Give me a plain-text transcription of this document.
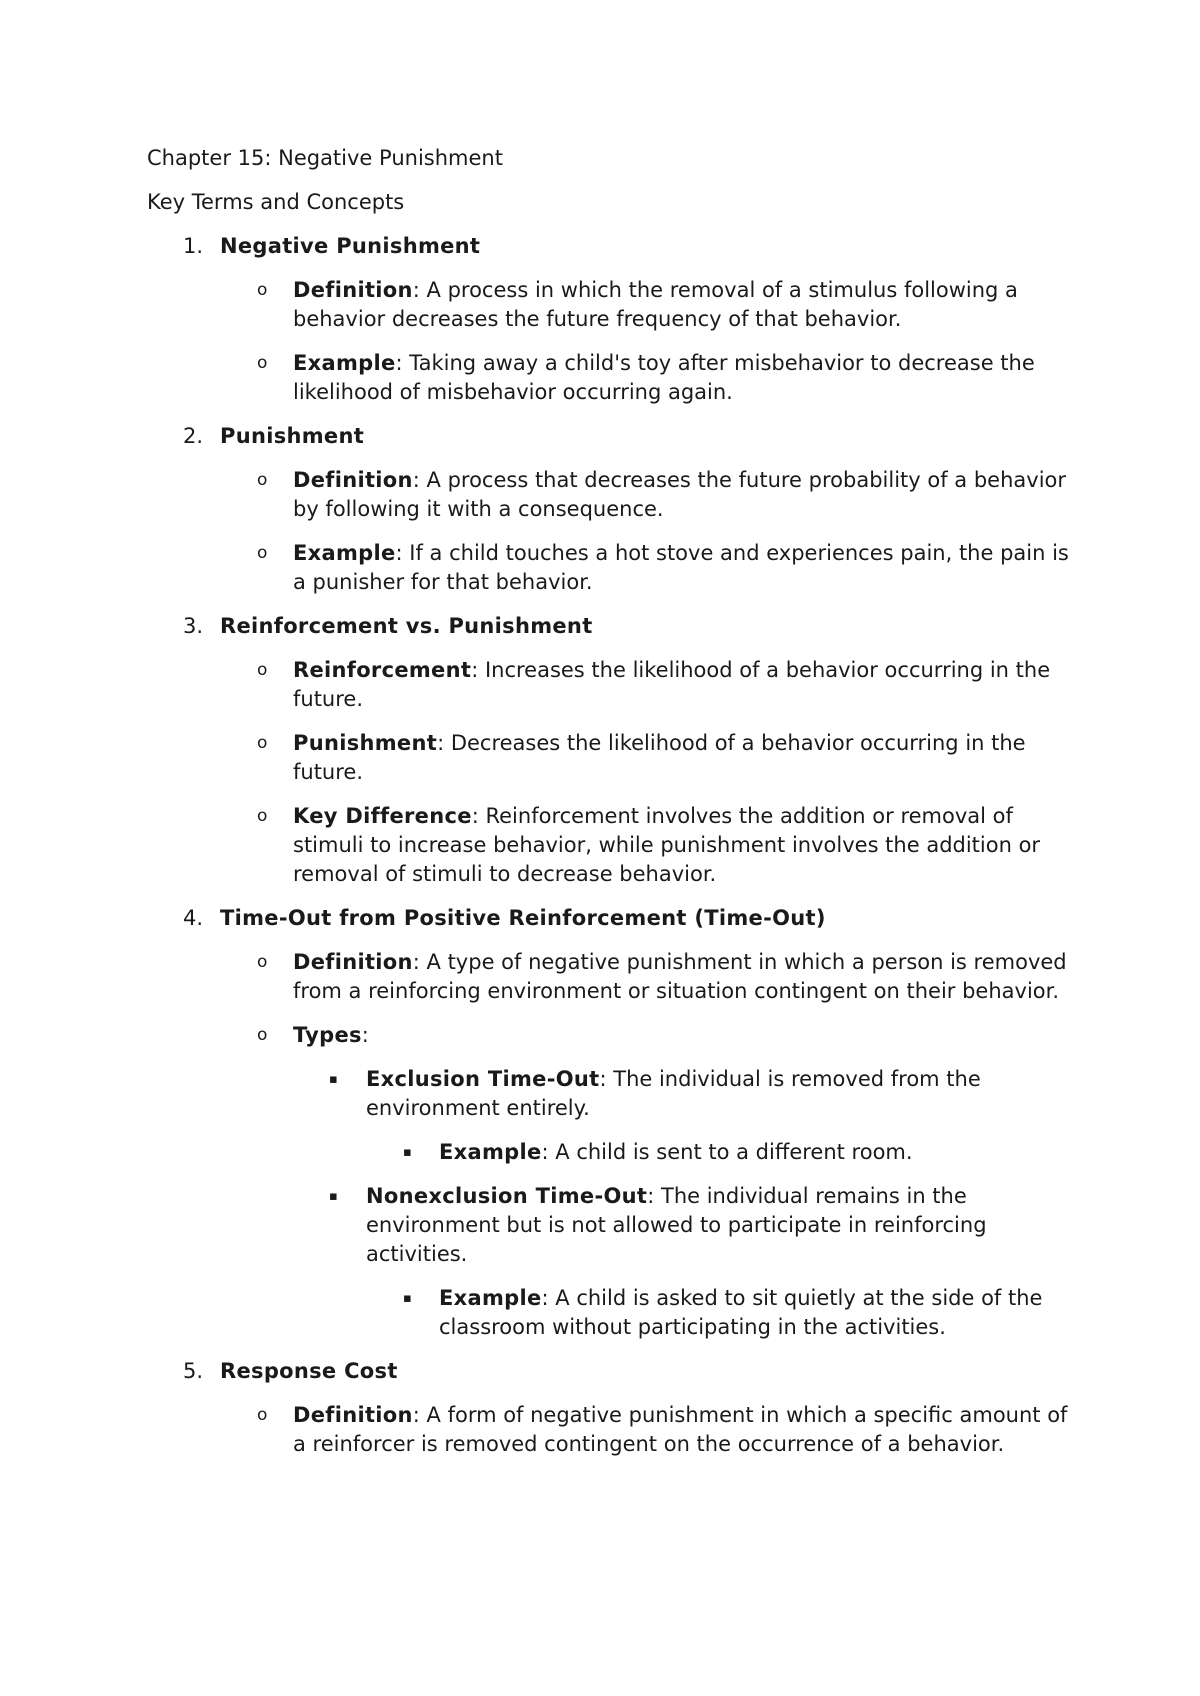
Chapter 15: Negative Punishment

Key Terms and Concepts

1. Negative Punishment

o Definition: A process in which the removal of a stimulus following a behavior decreases the future frequency of that behavior.

o Example: Taking away a child's toy after misbehavior to decrease the likelihood of misbehavior occurring again.

2. Punishment

o Definition: A process that decreases the future probability of a behavior by following it with a consequence.

o Example: If a child touches a hot stove and experiences pain, the pain is a punisher for that behavior.

3. Reinforcement vs. Punishment

o Reinforcement: Increases the likelihood of a behavior occurring in the future.

o Punishment: Decreases the likelihood of a behavior occurring in the future.

o Key Difference: Reinforcement involves the addition or removal of stimuli to increase behavior, while punishment involves the addition or removal of stimuli to decrease behavior.

4. Time-Out from Positive Reinforcement (Time-Out)

o Definition: A type of negative punishment in which a person is removed from a reinforcing environment or situation contingent on their behavior.

o Types:

▪ Exclusion Time-Out: The individual is removed from the environment entirely.

▪ Example: A child is sent to a different room.

▪ Nonexclusion Time-Out: The individual remains in the environment but is not allowed to participate in reinforcing activities.

▪ Example: A child is asked to sit quietly at the side of the classroom without participating in the activities.

5. Response Cost

o Definition: A form of negative punishment in which a specific amount of a reinforcer is removed contingent on the occurrence of a behavior.
